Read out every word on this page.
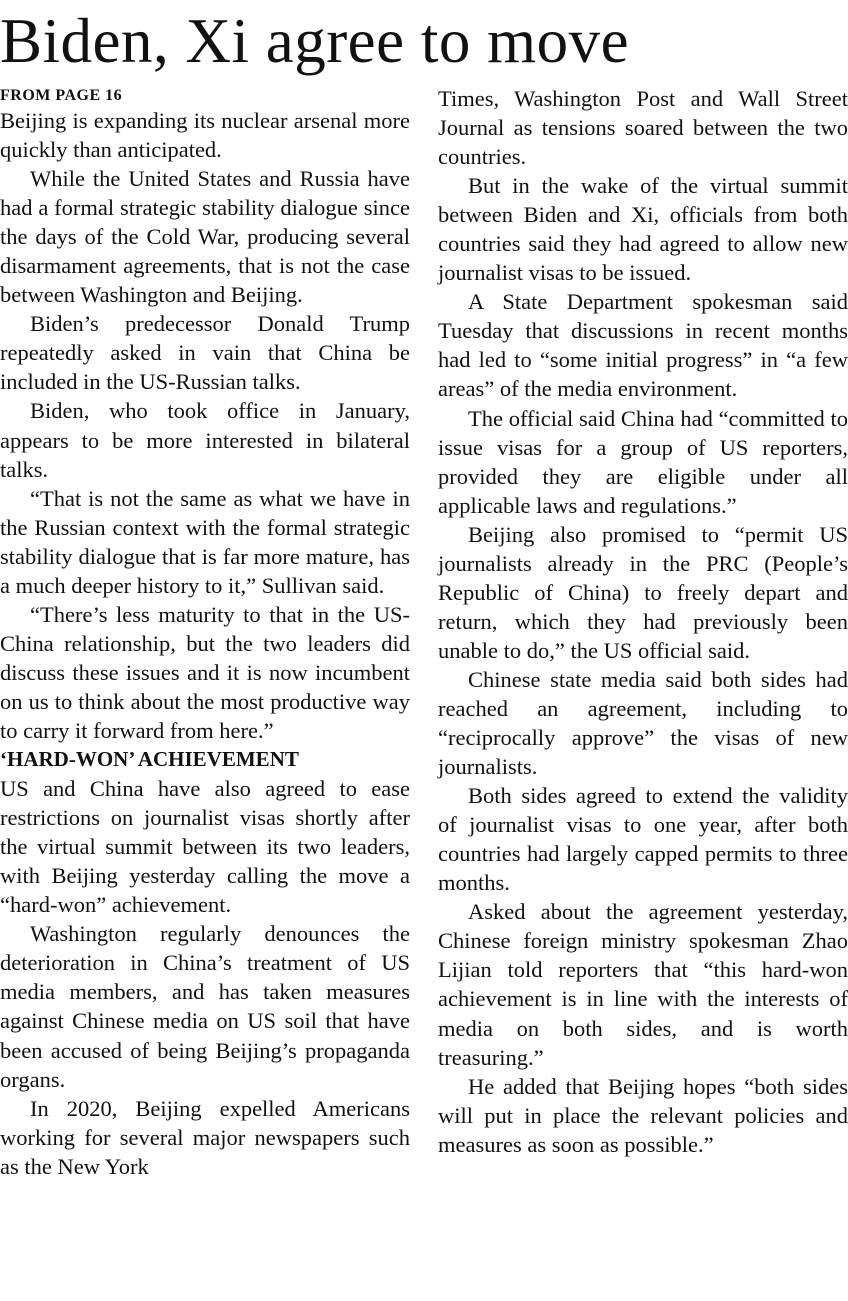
Biden, Xi agree to move
FROM PAGE 16

Beijing is expanding its nuclear arsenal more quickly than anticipated.

While the United States and Russia have had a formal strategic stability dialogue since the days of the Cold War, producing several disarmament agreements, that is not the case between Washington and Beijing.

Biden’s predecessor Donald Trump repeatedly asked in vain that China be included in the US-Russian talks.

Biden, who took office in January, appears to be more interested in bilateral talks.

“That is not the same as what we have in the Russian context with the formal strategic stability dialogue that is far more mature, has a much deeper history to it,” Sullivan said.

“There’s less maturity to that in the US-China relationship, but the two leaders did discuss these issues and it is now incumbent on us to think about the most productive way to carry it forward from here.”

‘HARD-WON’ ACHIEVEMENT

US and China have also agreed to ease restrictions on journalist visas shortly after the virtual summit between its two leaders, with Beijing yesterday calling the move a “hard-won” achievement.

Washington regularly denounces the deterioration in China’s treatment of US media members, and has taken measures against Chinese media on US soil that have been accused of being Beijing’s propaganda organs.

In 2020, Beijing expelled Americans working for several major newspapers such as the New York

Times, Washington Post and Wall Street Journal as tensions soared between the two countries.

But in the wake of the virtual summit between Biden and Xi, officials from both countries said they had agreed to allow new journalist visas to be issued.

A State Department spokesman said Tuesday that discussions in recent months had led to “some initial progress” in “a few areas” of the media environment.

The official said China had “committed to issue visas for a group of US reporters, provided they are eligible under all applicable laws and regulations.”

Beijing also promised to “permit US journalists already in the PRC (People’s Republic of China) to freely depart and return, which they had previously been unable to do,” the US official said.

Chinese state media said both sides had reached an agreement, including to “reciprocally approve” the visas of new journalists.

Both sides agreed to extend the validity of journalist visas to one year, after both countries had largely capped permits to three months.

Asked about the agreement yesterday, Chinese foreign ministry spokesman Zhao Lijian told reporters that “this hard-won achievement is in line with the interests of media on both sides, and is worth treasuring.”

He added that Beijing hopes “both sides will put in place the relevant policies and measures as soon as possible.”
